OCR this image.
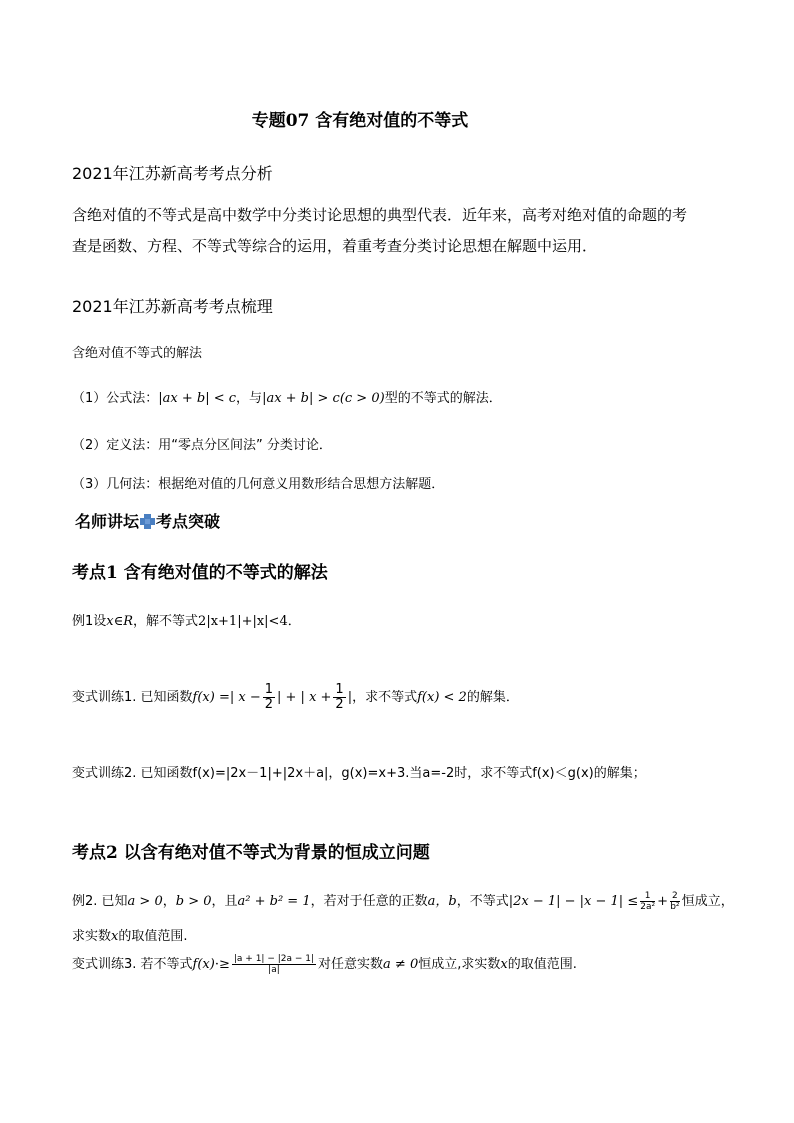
专题07 含有绝对值的不等式
2021年江苏新高考考点分析
含绝对值的不等式是高中数学中分类讨论思想的典型代表．近年来，高考对绝对值的命题的考
查是函数、方程、不等式等综合的运用，着重考查分类讨论思想在解题中运用．
2021年江苏新高考考点梳理
含绝对值不等式的解法
（1）公式法：|ax + b| < c，与|ax + b| > c(c > 0)型的不等式的解法．
（2）定义法：用“零点分区间法” 分类讨论．
（3）几何法：根据绝对值的几何意义用数形结合思想方法解题．
名师讲坛 考点突破
考点1 含有绝对值的不等式的解法
例1设x∈R，解不等式2|x+1|+|x|<4．
变式训练1. 已知函数f(x) =| $x - \frac{1}{2}$ | + | $x + \frac{1}{2}$ |，求不等式f(x) < 2的解集．
变式训练2. 已知函数f(x)=|2x－1|+|2x＋a|，g(x)=x+3.当a=-2时，求不等式f(x)＜g(x)的解集；
考点2 以含有绝对值不等式为背景的恒成立问题
例2. 已知a > 0，b > 0，且a² + b² = 1，若对于任意的正数a，b，不等式$|2x - 1| - |x - 1| \le \frac{1}{\text{2a²}} + \frac{2}{\text{b²}}$ 恒成立，
求实数x的取值范围.
变式训练3. 若不等式$f(x)\cdot\ge \frac{|a + 1| - |2a - 1|}{|a|}$ 对任意实数a ≠ 0恒成立,求实数x的取值范围.
